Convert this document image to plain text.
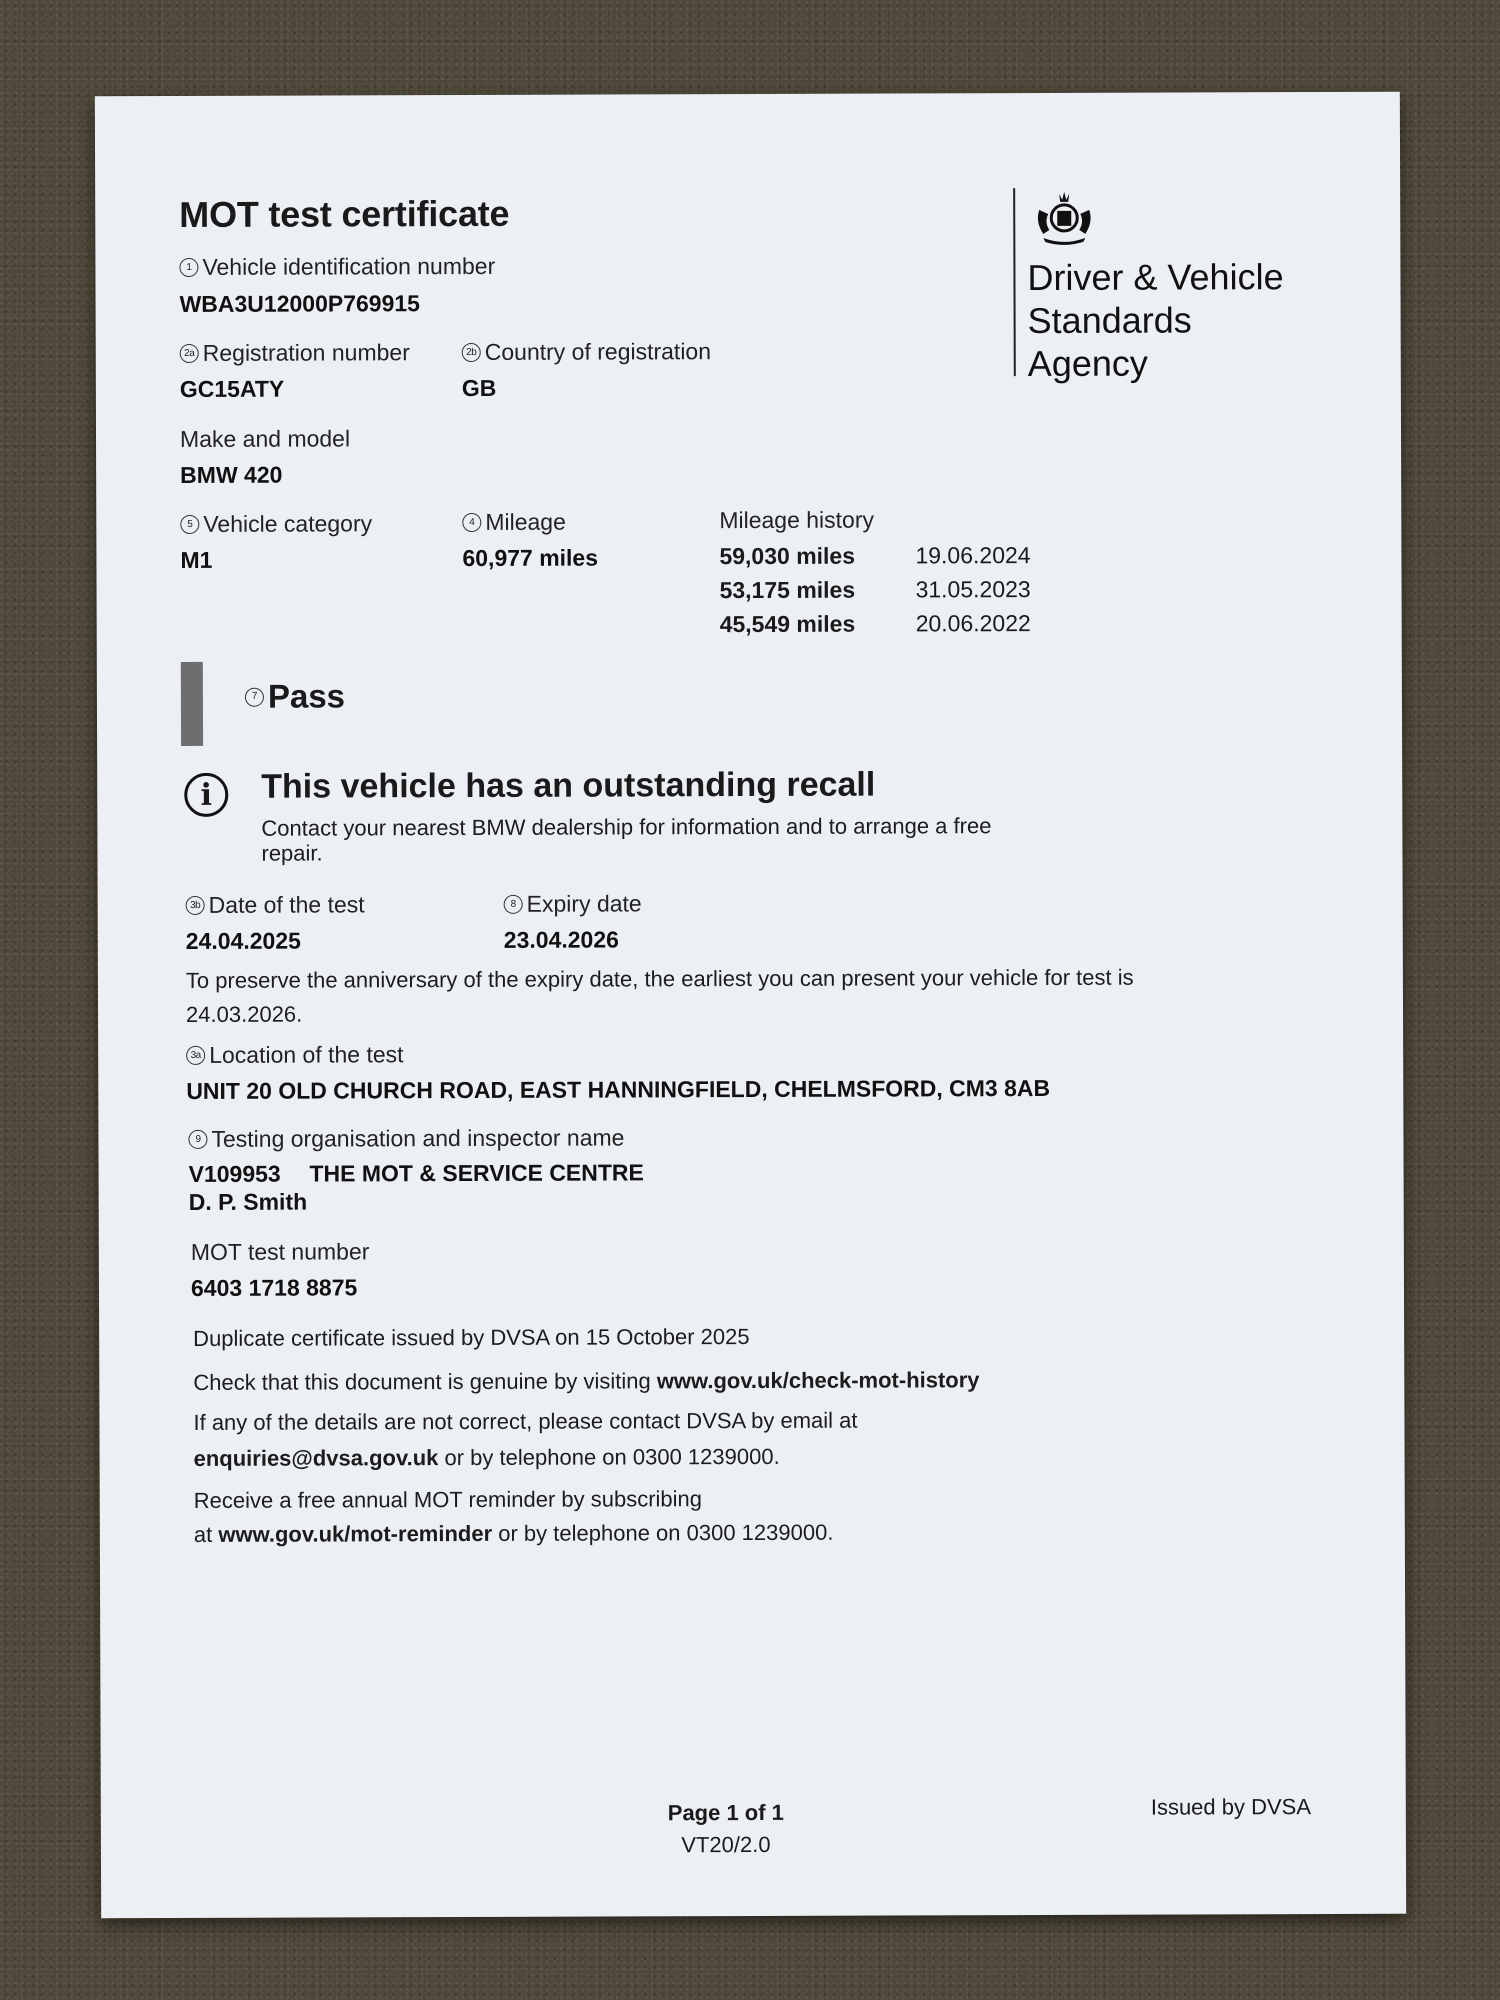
MOT test certificate
Driver & Vehicle
Standards
Agency
1 Vehicle identification number
WBA3U12000P769915
2a Registration number
GC15ATY
2b Country of registration
GB
Make and model
BMW 420
5 Vehicle category
M1
4 Mileage
60,977 miles
Mileage history
59,030 miles	19.06.2024
53,175 miles	31.05.2023
45,549 miles	20.06.2022
7 Pass
i	This vehicle has an outstanding recall
Contact your nearest BMW dealership for information and to arrange a free
repair.
3b Date of the test
24.04.2025
8 Expiry date
23.04.2026
To preserve the anniversary of the expiry date, the earliest you can present your vehicle for test is
24.03.2026.
3a Location of the test
UNIT 20 OLD CHURCH ROAD, EAST HANNINGFIELD, CHELMSFORD, CM3 8AB
9 Testing organisation and inspector name
V109953 THE MOT & SERVICE CENTRE
D. P. Smith
MOT test number
6403 1718 8875
Duplicate certificate issued by DVSA on 15 October 2025
Check that this document is genuine by visiting www.gov.uk/check-mot-history
If any of the details are not correct, please contact DVSA by email at
enquiries@dvsa.gov.uk or by telephone on 0300 1239000.
Receive a free annual MOT reminder by subscribing
at www.gov.uk/mot-reminder or by telephone on 0300 1239000.
Page 1 of 1
VT20/2.0
Issued by DVSA
